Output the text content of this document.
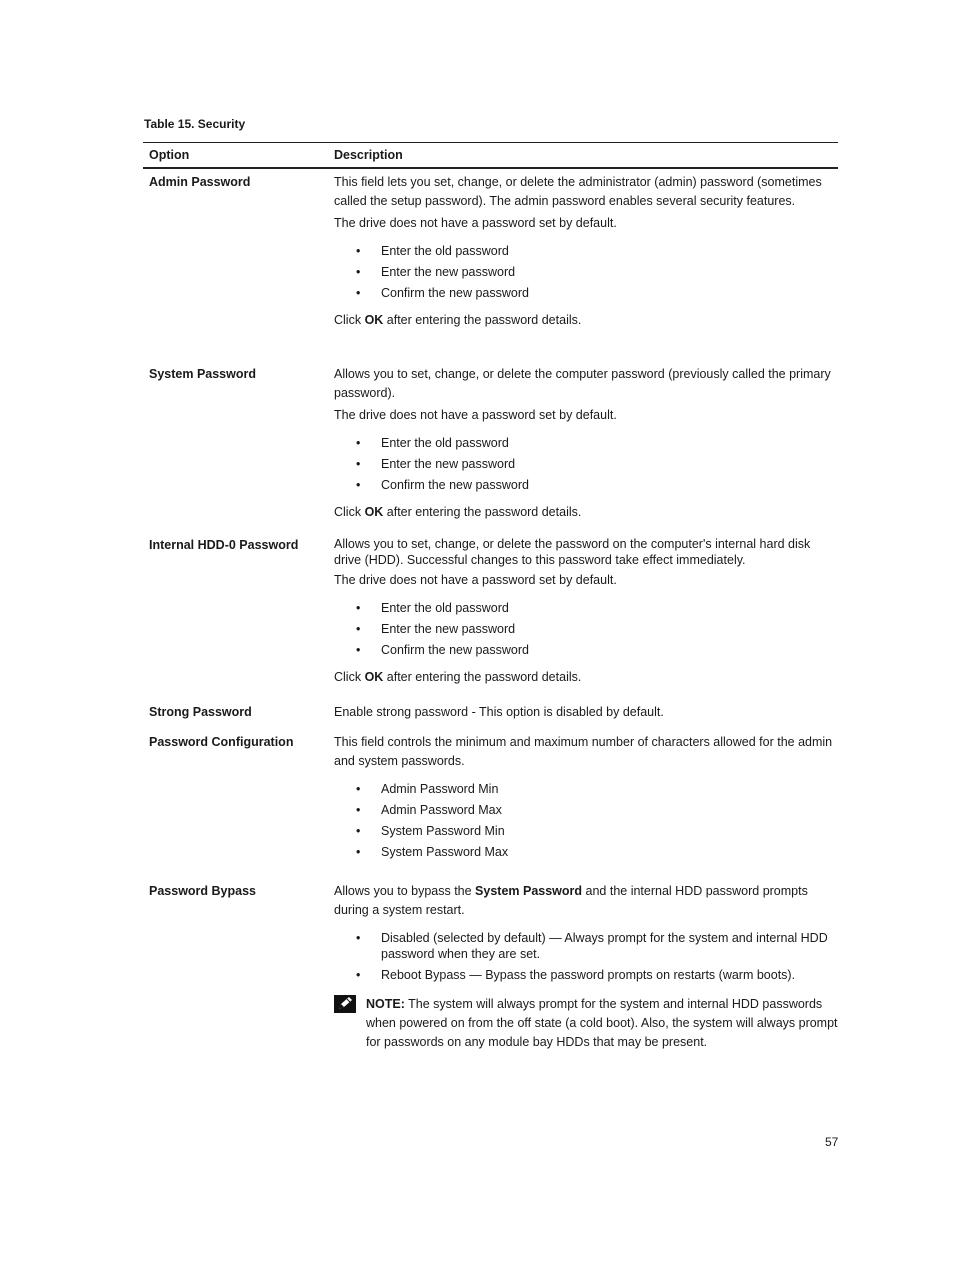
Table 15. Security
Option	Description
Admin Password	This field lets you set, change, or delete the administrator (admin) password (sometimes called the setup password). The admin password enables several security features.

The drive does not have a password set by default.

• Enter the old password
• Enter the new password
• Confirm the new password

Click OK after entering the password details.

System Password	Allows you to set, change, or delete the computer password (previously called the primary password).

The drive does not have a password set by default.

• Enter the old password
• Enter the new password
• Confirm the new password

Click OK after entering the password details.

Internal HDD-0 Password	Allows you to set, change, or delete the password on the computer's internal hard disk drive (HDD). Successful changes to this password take effect immediately.

The drive does not have a password set by default.

• Enter the old password
• Enter the new password
• Confirm the new password

Click OK after entering the password details.

Strong Password	Enable strong password - This option is disabled by default.

Password Configuration	This field controls the minimum and maximum number of characters allowed for the admin and system passwords.

• Admin Password Min
• Admin Password Max
• System Password Min
• System Password Max
Password Bypass	Allows you to bypass the System Password and the internal HDD password prompts during a system restart.

• Disabled (selected by default) — Always prompt for the system and internal HDD password when they are set.
• Reboot Bypass — Bypass the password prompts on restarts (warm boots).
NOTE: The system will always prompt for the system and internal HDD passwords when powered on from the off state (a cold boot). Also, the system will always prompt for passwords on any module bay HDDs that may be present.
57
